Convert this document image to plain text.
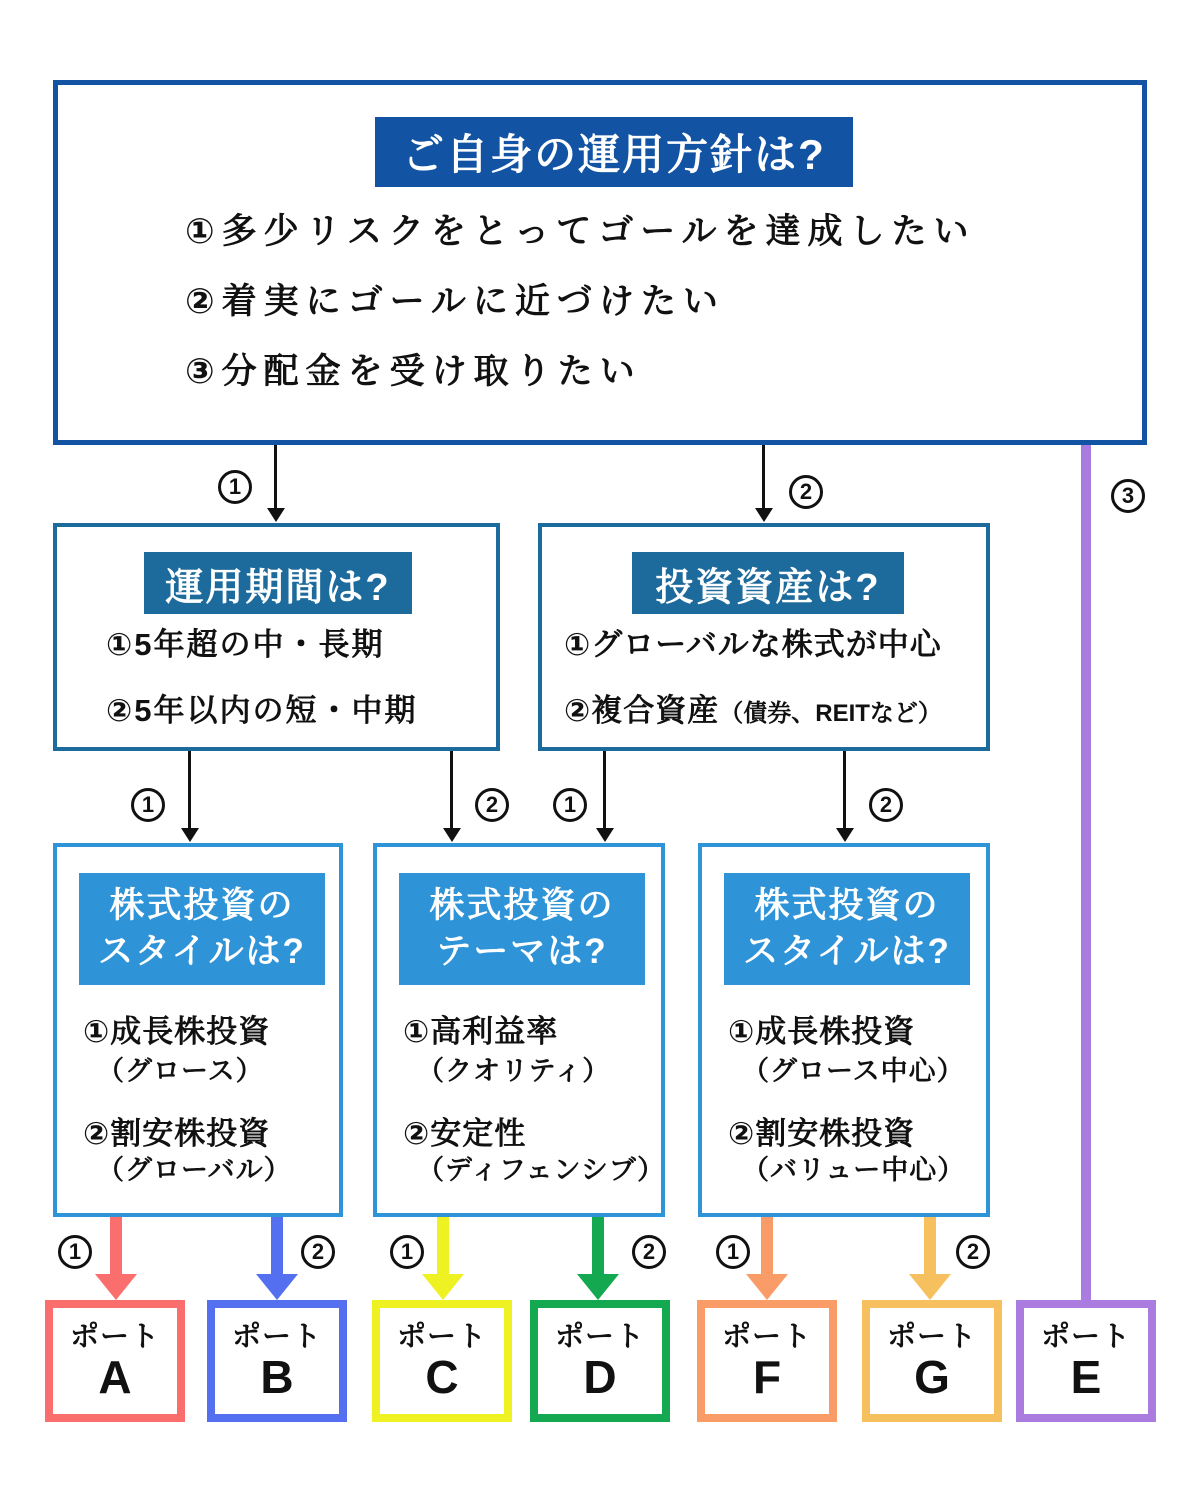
ご自身の運用方針は?
①多少リスクをとってゴールを達成したい
②着実にゴールに近づけたい
③分配金を受け取りたい
1	2	3
運用期間は?
①5年超の中・長期
②5年以内の短・中期
投資資産は?
①グローバルな株式が中心
②複合資産（債券、REITなど）
1	2	1	2
株式投資の
スタイルは?
①成長株投資
（グロース）
②割安株投資
（グローバル）
株式投資の
テーマは?
①高利益率
（クオリティ）
②安定性
（ディフェンシブ）
株式投資の
スタイルは?
①成長株投資
（グロース中心）
②割安株投資
（バリュー中心）
1	2	1	2	1	2
ポート
A
ポート
B
ポート
C
ポート
D
ポート
F
ポート
G
ポート
E
